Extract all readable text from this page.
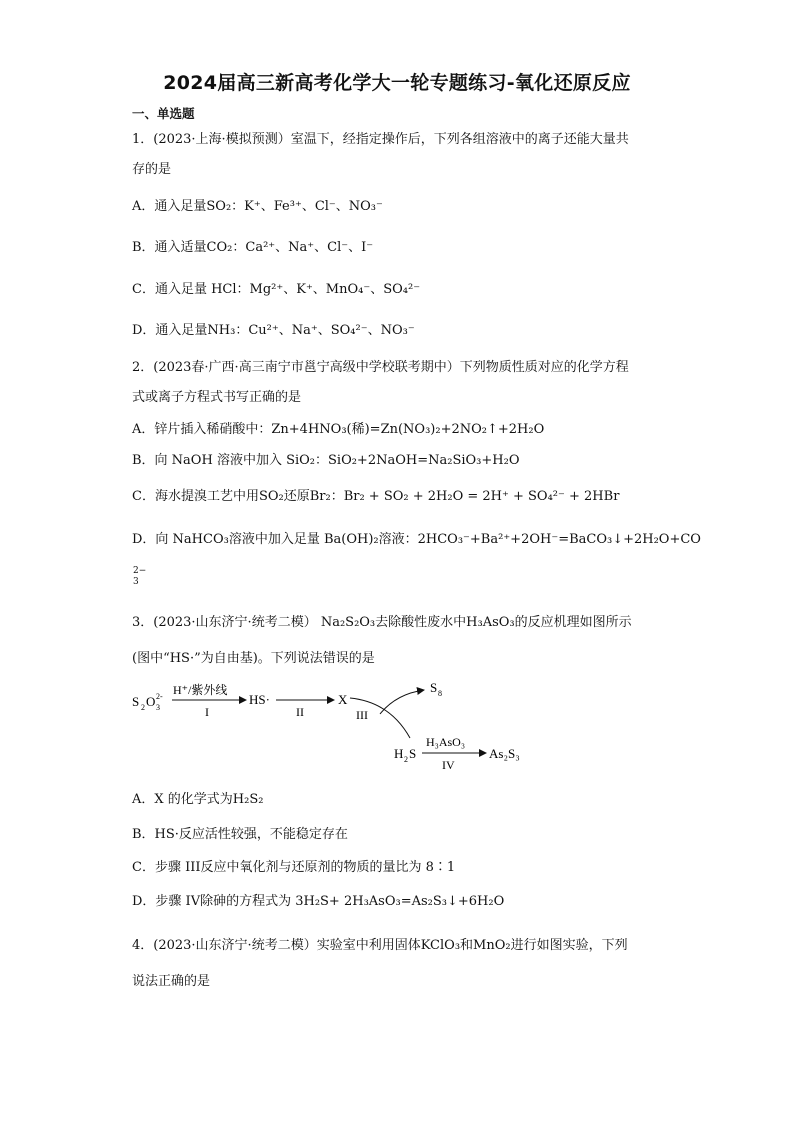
2024届高三新高考化学大一轮专题练习-氧化还原反应
一、单选题
1．(2023·上海·模拟预测）室温下，经指定操作后，下列各组溶液中的离子还能大量共
存的是
A．通入足量SO₂：K⁺、Fe³⁺、Cl⁻、NO₃⁻
B．通入适量CO₂：Ca²⁺、Na⁺、Cl⁻、I⁻
C．通入足量 HCl：Mg²⁺、K⁺、MnO₄⁻、SO₄²⁻
D．通入足量NH₃：Cu²⁺、Na⁺、SO₄²⁻、NO₃⁻
2．(2023春·广西·高三南宁市邕宁高级中学校联考期中）下列物质性质对应的化学方程
式或离子方程式书写正确的是
A．锌片插入稀硝酸中：Zn+4HNO₃(稀)=Zn(NO₃)₂+2NO₂↑+2H₂O
B．向 NaOH 溶液中加入 SiO₂：SiO₂+2NaOH=Na₂SiO₃+H₂O
C．海水提溴工艺中用SO₂还原Br₂：Br₂ + SO₂ + 2H₂O = 2H⁺ + SO₄²⁻ + 2HBr
D．向 NaHCO₃溶液中加入足量 Ba(OH)₂溶液：2HCO₃⁻+Ba²⁺+2OH⁻=BaCO₃↓+2H₂O+CO
2−
3
3．(2023·山东济宁·统考二模） Na₂S₂O₃去除酸性废水中H₃AsO₃的反应机理如图所示
(图中“HS·”为自由基)。下列说法错误的是
S 2 O 3
2- H⁺/紫外线
I
HS·
II
X
III
S 8
H 2 S
H₃AsO₃
IV
As₂S₃
A．X 的化学式为H₂S₂
B．HS·反应活性较强，不能稳定存在
C．步骤 III反应中氧化剂与还原剂的物质的量比为 8∶1
D．步骤 IV除砷的方程式为 3H₂S+ 2H₃AsO₃=As₂S₃↓+6H₂O
4．(2023·山东济宁·统考二模）实验室中利用固体KClO₃和MnO₂进行如图实验，下列
说法正确的是
